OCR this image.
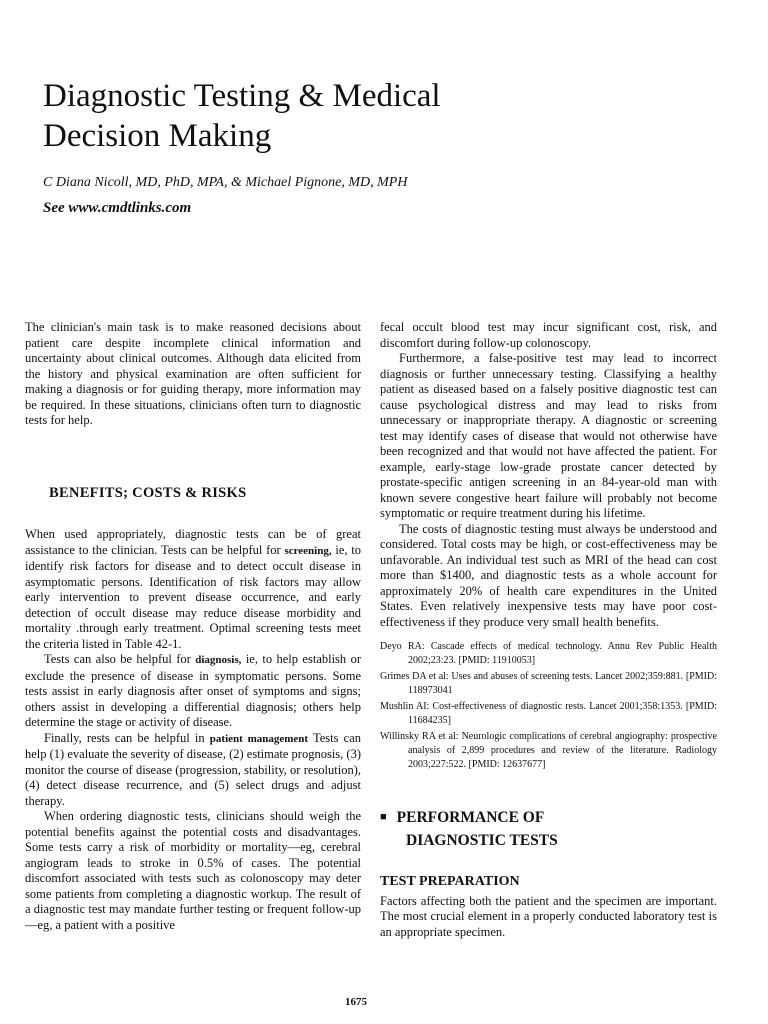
Diagnostic Testing & Medical
Decision Making
C Diana Nicoll, MD, PhD, MPA, & Michael Pignone, MD, MPH
See www.cmdtlinks.com

The clinician's main task is to make reasoned decisions about patient care despite incomplete clinical information and uncertainty about clinical outcomes. Although data elicited from the history and physical examination are often sufficient for making a diagnosis or for guiding therapy, more information may be required. In these situations, clinicians often turn to diagnostic tests for help.

BENEFITS; COSTS & RISKS

When used appropriately, diagnostic tests can be of great assistance to the clinician. Tests can be helpful for screening, ie, to identify risk factors for disease and to detect occult disease in asymptomatic persons. Identification of risk factors may allow early intervention to prevent disease occurrence, and early detection of occult disease may reduce disease morbidity and mortality .through early treatment. Optimal screening tests meet the criteria listed in Table 42-1.

Tests can also be helpful for diagnosis, ie, to help establish or exclude the presence of disease in symptomatic persons. Some tests assist in early diagnosis after onset of symptoms and signs; others assist in developing a differential diagnosis; others help determine the stage or activity of disease.

Finally, rests can be helpful in patient management Tests can help (1) evaluate the severity of disease, (2) estimate prognosis, (3) monitor the course of disease (progression, stability, or resolution), (4) detect disease recurrence, and (5) select drugs and adjust therapy.

When ordering diagnostic tests, clinicians should weigh the potential benefits against the potential costs and disadvantages. Some tests carry a risk of morbidity or mortality—eg, cerebral angiogram leads to stroke in 0.5% of cases. The potential discomfort associated with tests such as colonoscopy may deter some patients from completing a diagnostic workup. The result of a diagnostic test may mandate further testing or frequent follow-up—eg, a patient with a positive

fecal occult blood test may incur significant cost, risk, and discomfort during follow-up colonoscopy.

Furthermore, a false-positive test may lead to incorrect diagnosis or further unnecessary testing. Classifying a healthy patient as diseased based on a falsely positive diagnostic test can cause psychological distress and may lead to risks from unnecessary or inappropriate therapy. A diagnostic or screening test may identify cases of disease that would not otherwise have been recognized and that would not have affected the patient. For example, early-stage low-grade prostate cancer detected by prostate-specific antigen screening in an 84-year-old man with known severe congestive heart failure will probably not become symptomatic or require treatment during his lifetime.

The costs of diagnostic testing must always be understood and considered. Total costs may be high, or cost-effectiveness may be unfavorable. An individual test such as MRI of the head can cost more than $1400, and diagnostic tests as a whole account for approximately 20% of health care expenditures in the United States. Even relatively inexpensive tests may have poor cost-effectiveness if they produce very small health benefits.

Deyo RA: Cascade effects of medical technology. Annu Rev Public Health 2002;23:23. [PMID: 11910053]
Grimes DA et al: Uses and abuses of screening tests. Lancet 2002;359:881. [PMID: 118973041
Mushlin AI: Cost-effectiveness of diagnostic rests. Lancet 2001;358:1353. [PMID: 11684235]
Willinsky RA et al: Neurologic complications of cerebral angiography: prospective analysis of 2,899 procedures and review of the literature. Radiology 2003;227:522. [PMID: 12637677]
■ PERFORMANCE OF
DIAGNOSTIC TESTS
TEST PREPARATION

Factors affecting both the patient and the specimen are important. The most crucial element in a properly conducted laboratory test is an appropriate specimen.

1675
